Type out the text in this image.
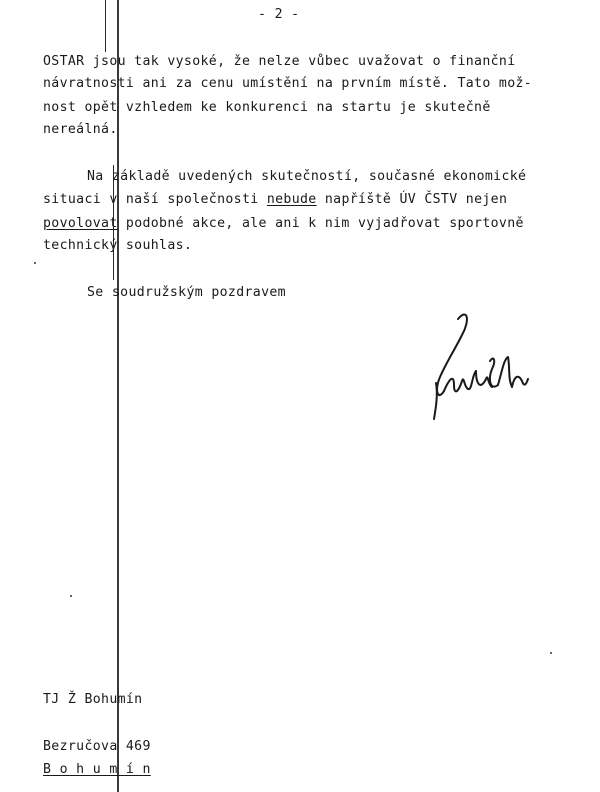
- 2 -
OSTAR jsou tak vysoké, že nelze vůbec uvažovat o finanční
návratnosti ani za cenu umístění na prvním místě. Tato mož-
nost opět vzhledem ke konkurenci na startu je skutečně
nereálná.
Na základě uvedených skutečností, současné ekonomické
situaci v naší společnosti nebude napříště ÚV ČSTV nejen
povolovat podobné akce, ale ani k nim vyjadřovat sportovně
technický souhlas.
Se soudružským pozdravem
TJ Ž Bohumín
Bezručova 469
B o h u m í n
